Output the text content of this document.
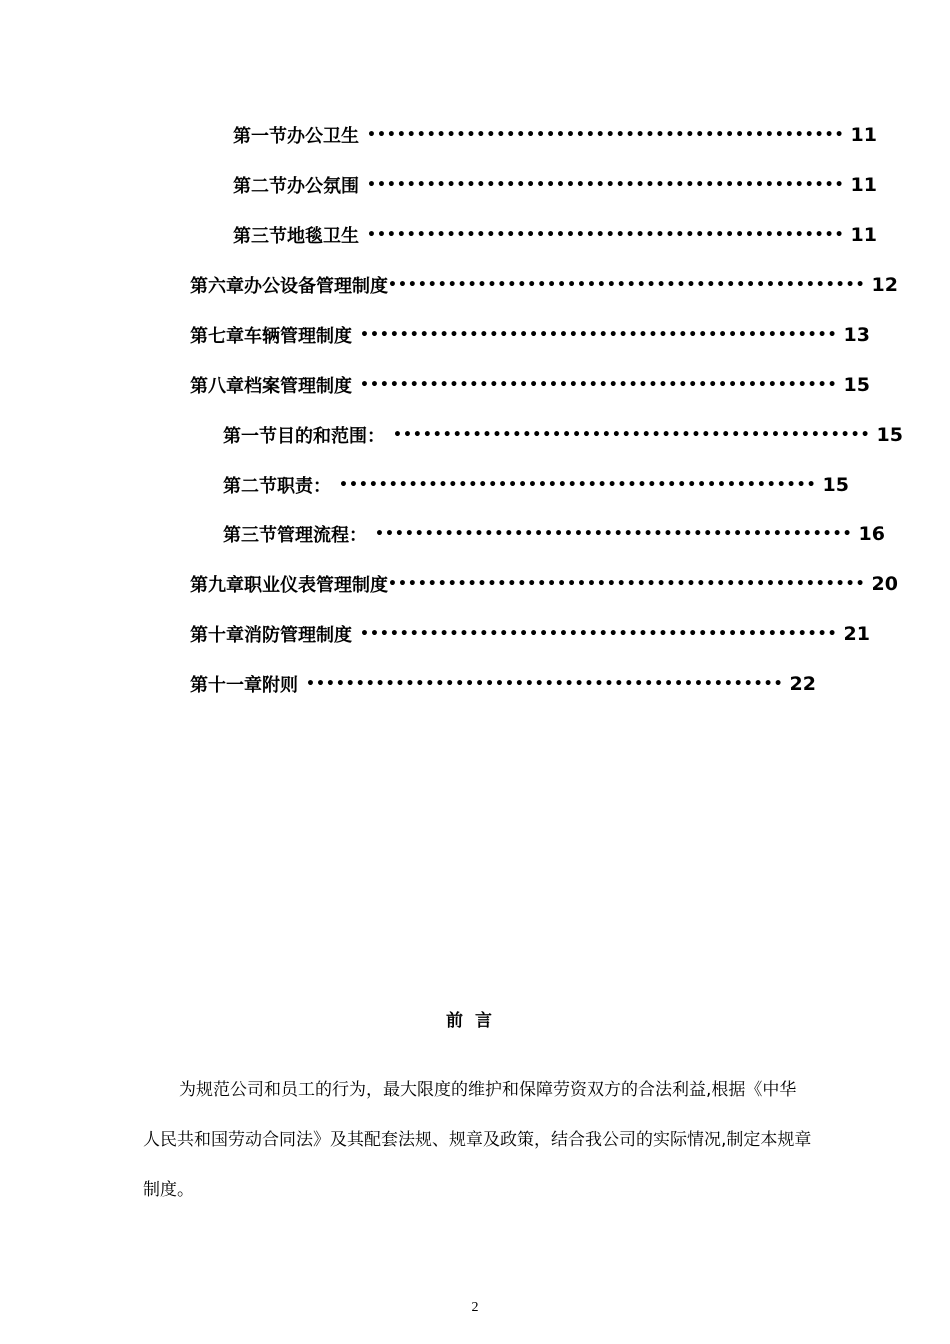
第一节 办公卫生 •••••••••••••••••••••••••••••••••••••••••••••••• 11
第二节 办公氛围 •••••••••••••••••••••••••••••••••••••••••••••••• 11
第三节 地毯卫生 •••••••••••••••••••••••••••••••••••••••••••••••• 11
第六章 办公设备管理制度 •••••••••••••••••••••••••••••••••••••••••••••••• 12
第七章 车辆管理制度 •••••••••••••••••••••••••••••••••••••••••••••••• 13
第八章 档案管理制度 •••••••••••••••••••••••••••••••••••••••••••••••• 15
第一节 目的和范围： •••••••••••••••••••••••••••••••••••••••••••••••• 15
第二节 职责： •••••••••••••••••••••••••••••••••••••••••••••••• 15
第三节 管理流程： •••••••••••••••••••••••••••••••••••••••••••••••• 16
第九章 职业仪表管理制度 •••••••••••••••••••••••••••••••••••••••••••••••• 20
第十章 消防管理制度 •••••••••••••••••••••••••••••••••••••••••••••••• 21
第十一章 附则 •••••••••••••••••••••••••••••••••••••••••••••••• 22
前言
为规范公司和员工的行为，最大限度的维护和保障劳资双方的合法利益,根据《中华人民共和国劳动合同法》及其配套法规、规章及政策，结合我公司的实际情况,制定本规章制度。
2
